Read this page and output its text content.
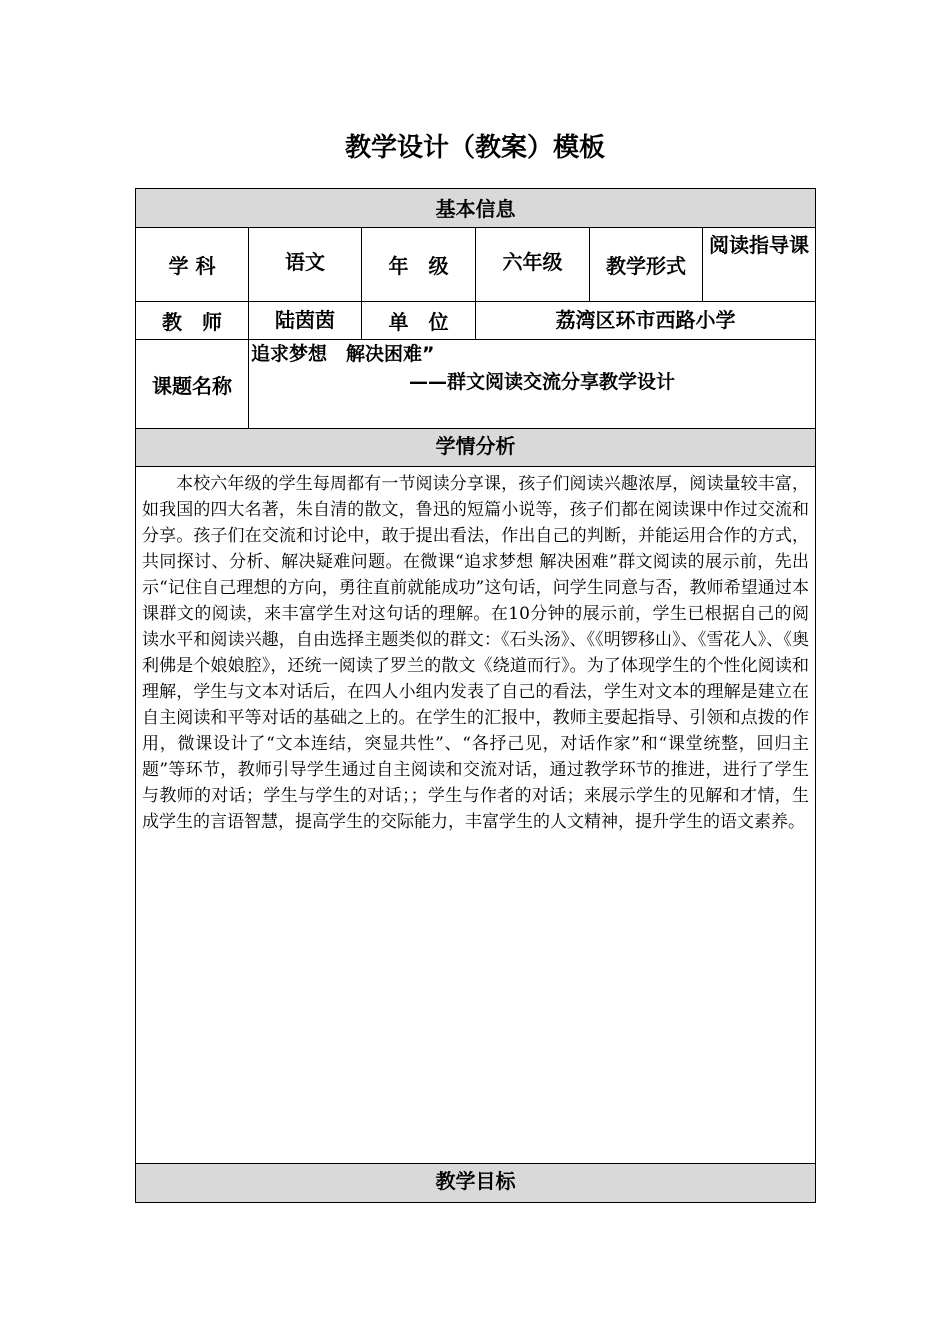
教学设计（教案）模板
基本信息					
学 科	语文	年　级	六年级	教学形式	阅读指导课
教　师	陆茵茵	单　位	荔湾区环市西路小学		
课题名称	追求梦想　解决困难”
——群文阅读交流分享教学设计				

学情分析					

本校六年级的学生每周都有一节阅读分享课，孩子们阅读兴趣浓厚，阅读量较丰富，如我国的四大名著，朱自清的散文，鲁迅的短篇小说等，孩子们都在阅读课中作过交流和分享。孩子们在交流和讨论中，敢于提出看法，作出自己的判断，并能运用合作的方式，共同探讨、分析、解决疑难问题。在微课“追求梦想 解决困难”群文阅读的展示前，先出示“记住自己理想的方向，勇往直前就能成功”这句话，问学生同意与否，教师希望通过本课群文的阅读，来丰富学生对这句话的理解。在10分钟的展示前，学生已根据自己的阅读水平和阅读兴趣，自由选择主题类似的群文：《石头汤》、《《明锣移山》、《雪花人》、《奥利佛是个娘娘腔》，还统一阅读了罗兰的散文《绕道而行》。为了体现学生的个性化阅读和理解，学生与文本对话后，在四人小组内发表了自己的看法，学生对文本的理解是建立在自主阅读和平等对话的基础之上的。在学生的汇报中，教师主要起指导、引领和点拨的作用，微课设计了“文本连结，突显共性”、“各抒己见，对话作家”和“课堂统整，回归主题”等环节，教师引导学生通过自主阅读和交流对话，通过教学环节的推进，进行了学生与教师的对话；学生与学生的对话；；学生与作者的对话；来展示学生的见解和才情，生成学生的言语智慧，提高学生的交际能力，丰富学生的人文精神，提升学生的语文素养。					

教学目标					
